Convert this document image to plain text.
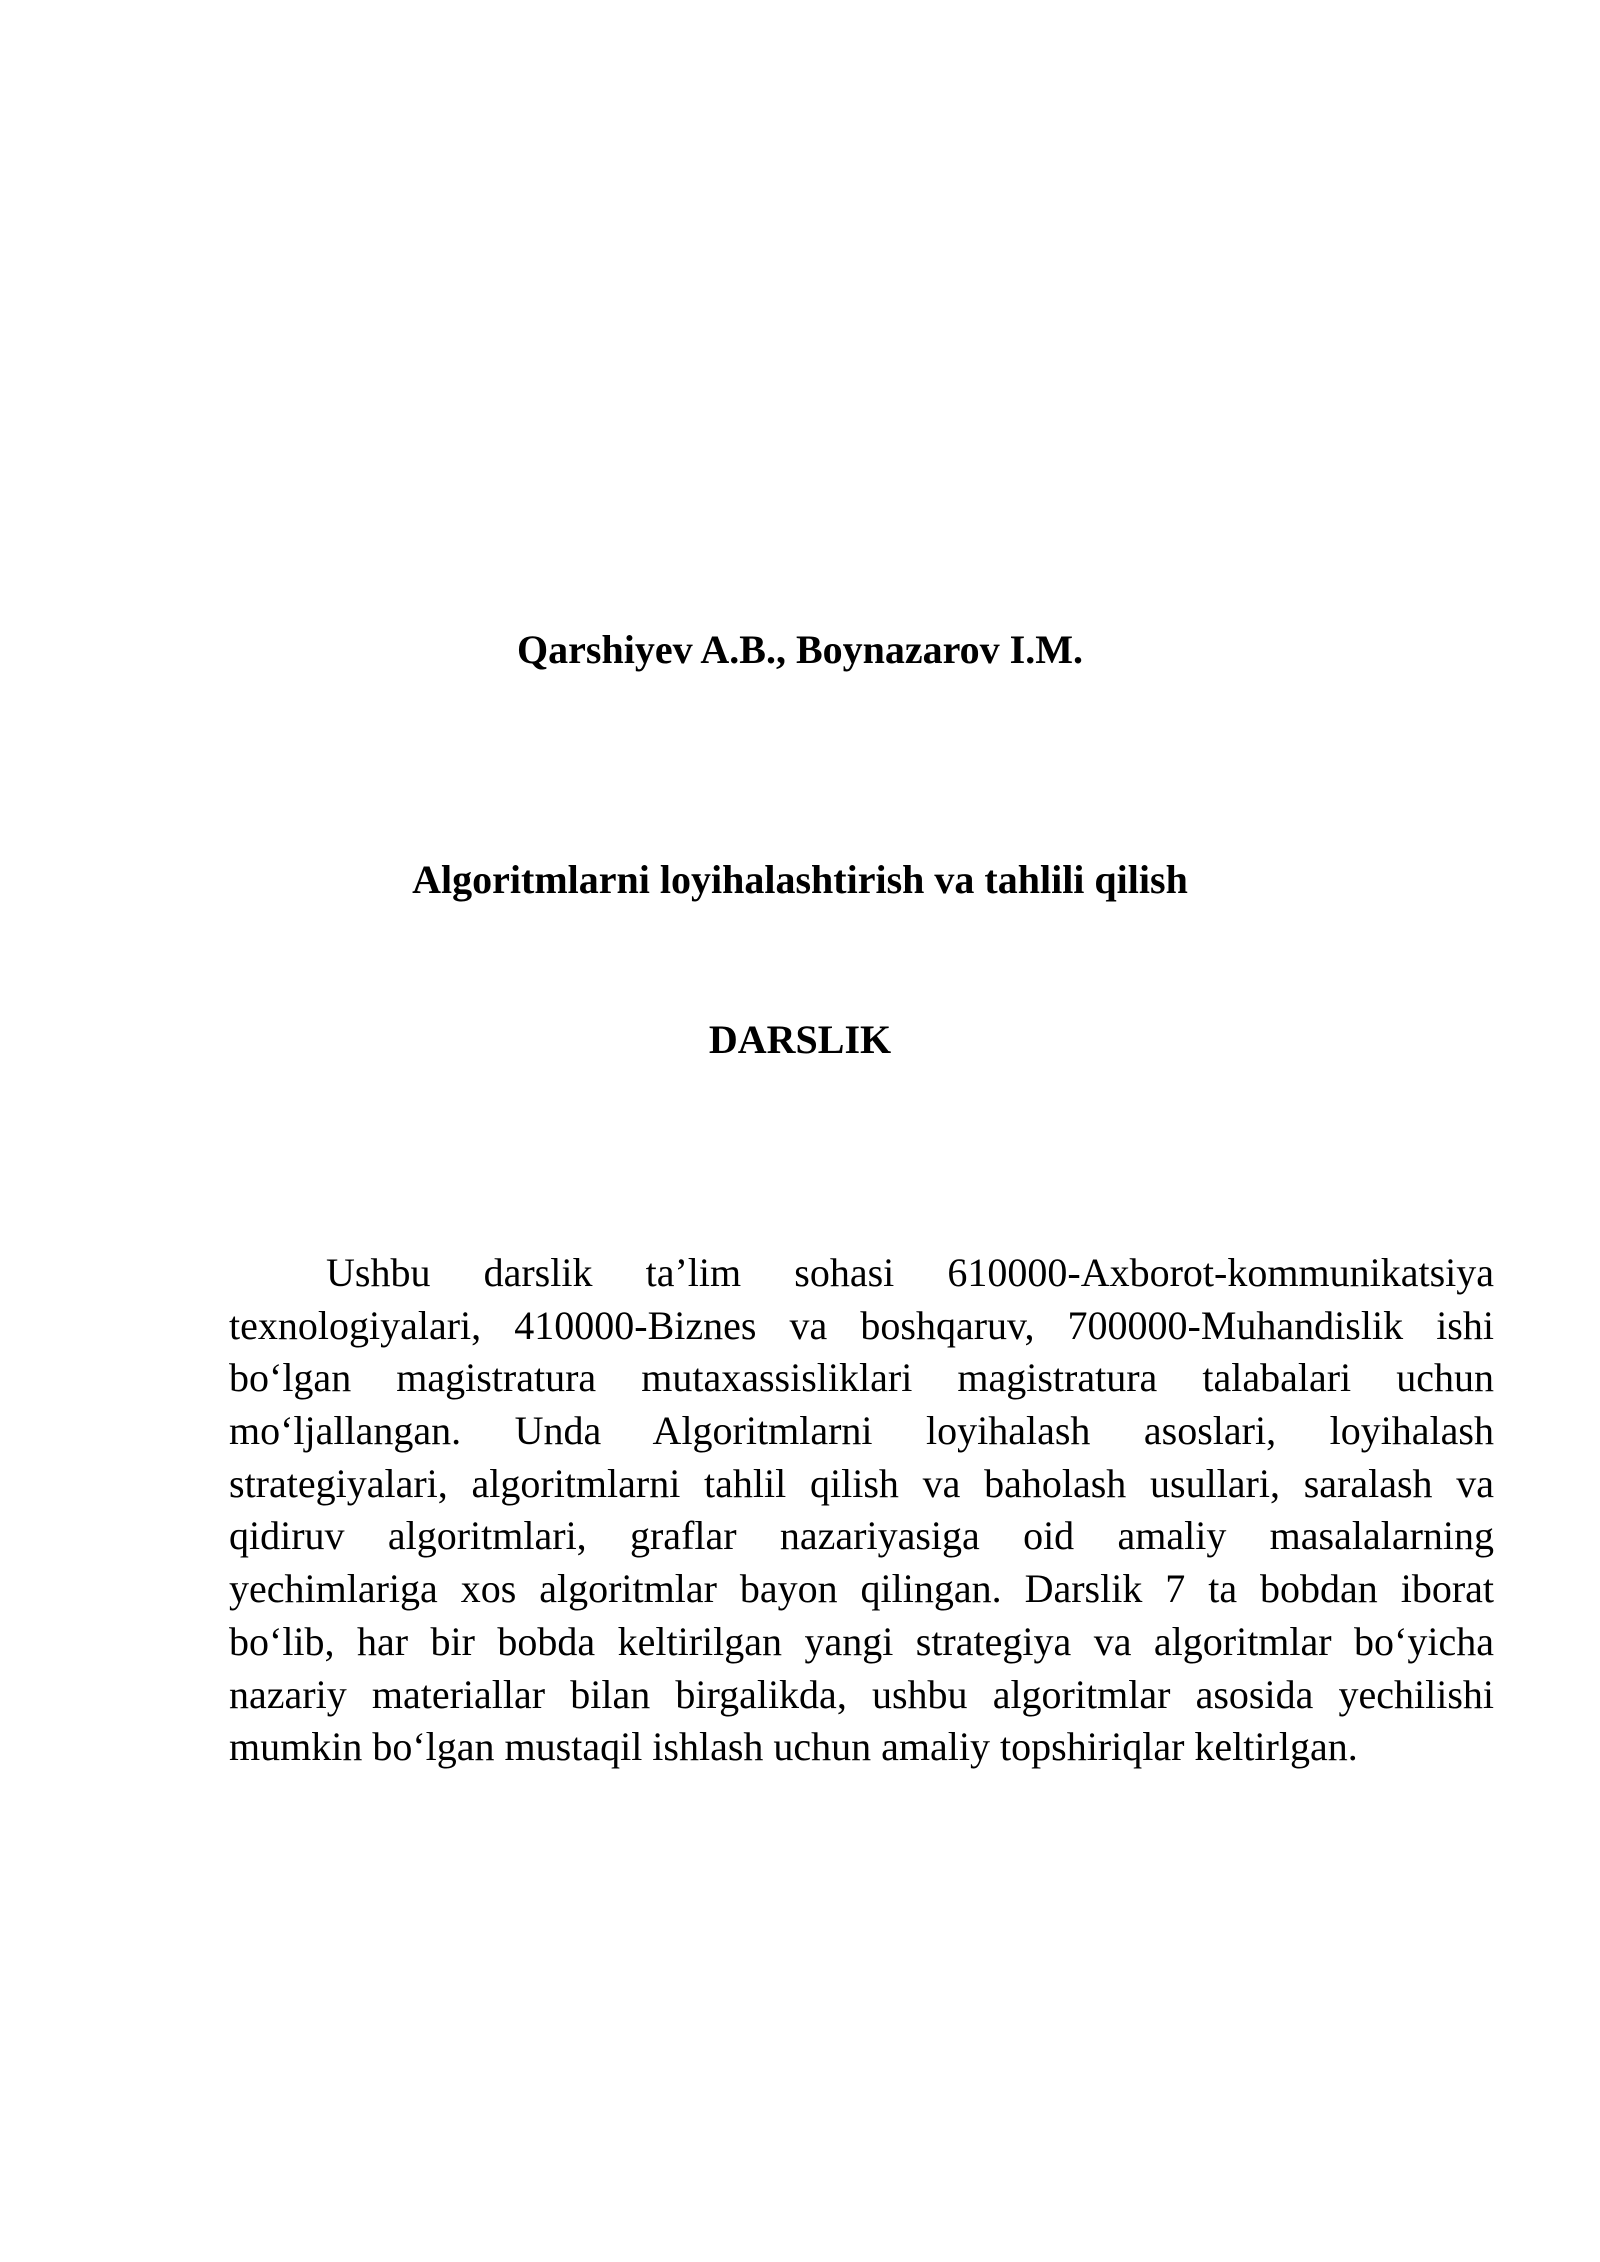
Qarshiyev A.B., Boynazarov I.M.

Algoritmlarni loyihalashtirish va tahlili qilish

DARSLIK

Ushbu darslik ta’lim sohasi 610000-Axborot-kommunikatsiya
texnologiyalari, 410000-Biznes va boshqaruv, 700000-Muhandislik ishi
bo‘lgan magistratura mutaxassisliklari magistratura talabalari uchun
mo‘ljallangan. Unda Algoritmlarni loyihalash asoslari, loyihalash
strategiyalari, algoritmlarni tahlil qilish va baholash usullari, saralash va
qidiruv algoritmlari, graflar nazariyasiga oid amaliy masalalarning
yechimlariga xos algoritmlar bayon qilingan. Darslik 7 ta bobdan iborat
bo‘lib, har bir bobda keltirilgan yangi strategiya va algoritmlar bo‘yicha
nazariy materiallar bilan birgalikda, ushbu algoritmlar asosida yechilishi
mumkin bo‘lgan mustaqil ishlash uchun amaliy topshiriqlar keltirlgan.
